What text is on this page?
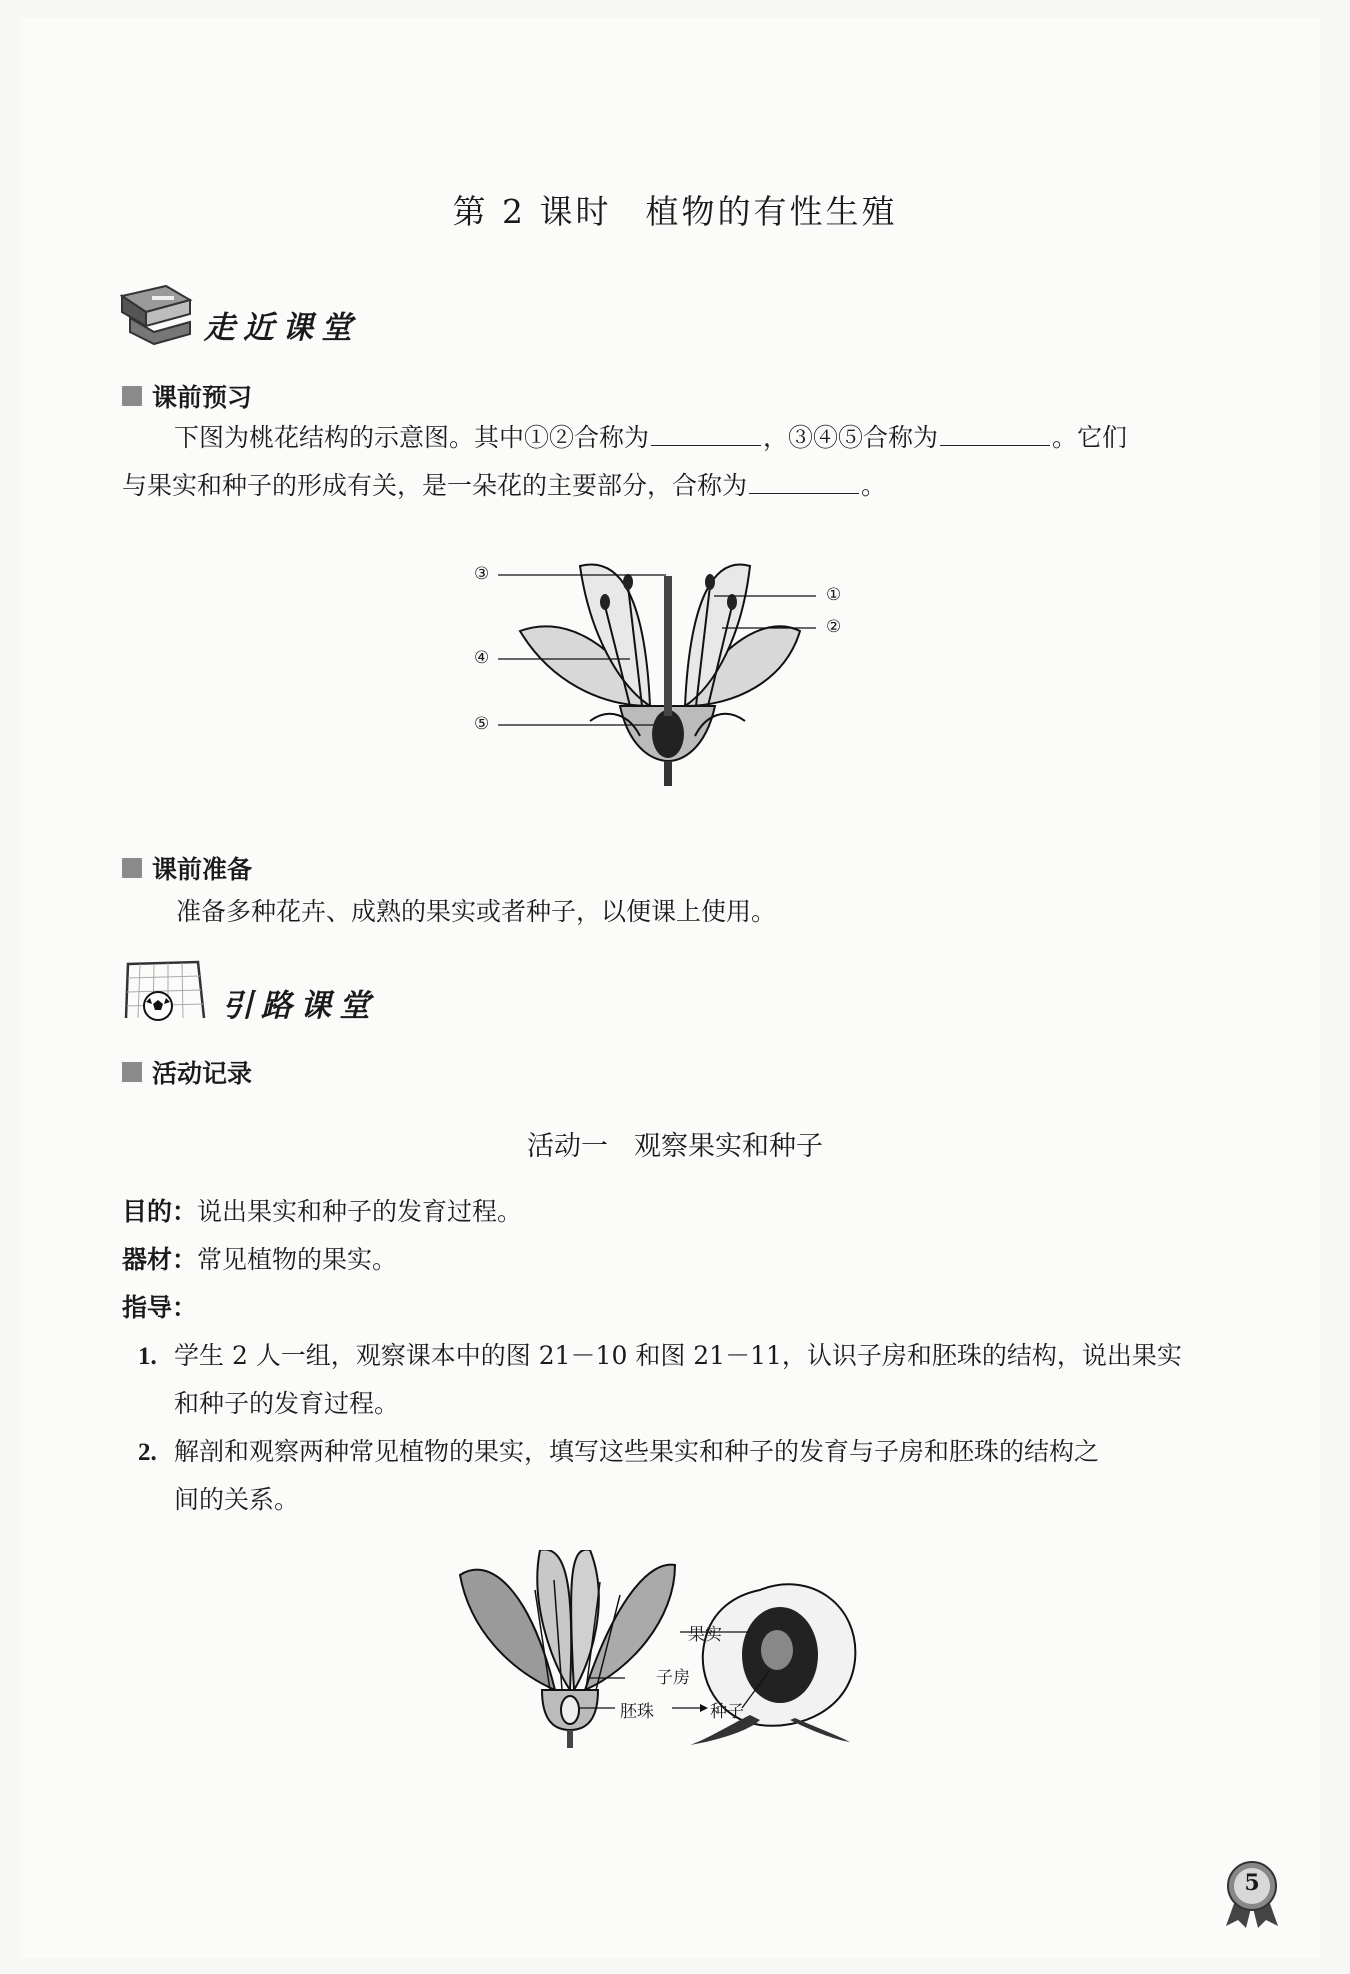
第 2 课时 植物的有性生殖
走近课堂
课前预习
下图为桃花结构的示意图。其中①②合称为	，③④⑤合称为	。它们
与果实和种子的形成有关，是一朵花的主要部分，合称为	。
③
④
⑤
①
②
课前准备
准备多种花卉、成熟的果实或者种子，以便课上使用。
引路课堂
活动记录
活动一 观察果实和种子
目的：说出果实和种子的发育过程。
器材：常见植物的果实。
指导：
1. 学生 2 人一组，观察课本中的图 21－10 和图 21－11，认识子房和胚珠的结构，说出果实
和种子的发育过程。
2. 解剖和观察两种常见植物的果实，填写这些果实和种子的发育与子房和胚珠的结构之
间的关系。
果实
子房
胚珠	种子
5
